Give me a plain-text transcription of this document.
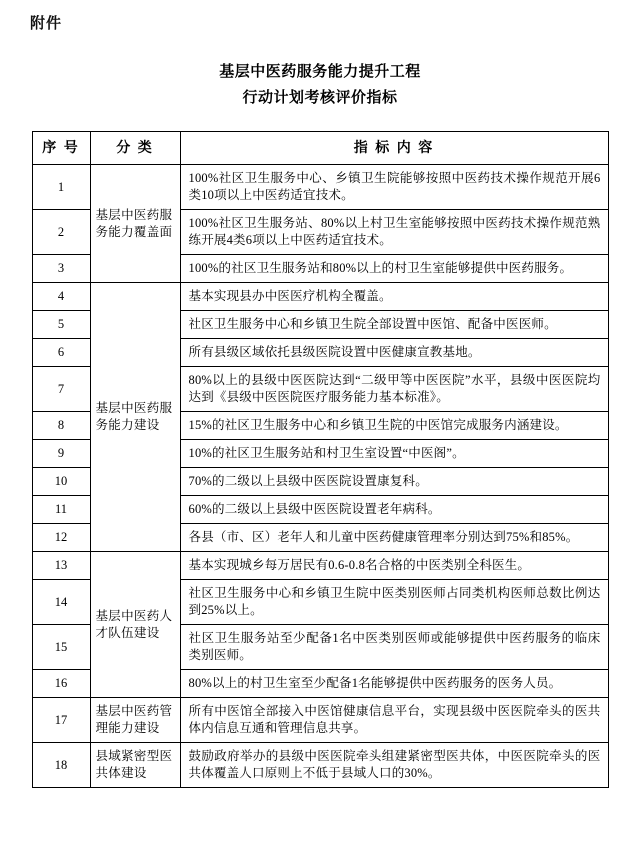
附件
基层中医药服务能力提升工程
行动计划考核评价指标
序 号	分 类	指 标 内 容
1	基层中医药服务能力覆盖面	100%社区卫生服务中心、乡镇卫生院能够按照中医药技术操作规范开展6类10项以上中医药适宜技术。
2		100%社区卫生服务站、80%以上村卫生室能够按照中医药技术操作规范熟练开展4类6项以上中医药适宜技术。
3		100%的社区卫生服务站和80%以上的村卫生室能够提供中医药服务。
4	基层中医药服务能力建设	基本实现县办中医医疗机构全覆盖。
5		社区卫生服务中心和乡镇卫生院全部设置中医馆、配备中医医师。
6		所有县级区域依托县级医院设置中医健康宣教基地。
7		80%以上的县级中医医院达到“二级甲等中医医院”水平，县级中医医院均达到《县级中医医院医疗服务能力基本标准》。
8		15%的社区卫生服务中心和乡镇卫生院的中医馆完成服务内涵建设。
9		10%的社区卫生服务站和村卫生室设置“中医阁”。
10		70%的二级以上县级中医医院设置康复科。
11		60%的二级以上县级中医医院设置老年病科。
12		各县（市、区）老年人和儿童中医药健康管理率分别达到75%和85%。
13	基层中医药人才队伍建设	基本实现城乡每万居民有0.6-0.8名合格的中医类别全科医生。
14		社区卫生服务中心和乡镇卫生院中医类别医师占同类机构医师总数比例达到25%以上。
15		社区卫生服务站至少配备1名中医类别医师或能够提供中医药服务的临床类别医师。
16		80%以上的村卫生室至少配备1名能够提供中医药服务的医务人员。
17	基层中医药管理能力建设	所有中医馆全部接入中医馆健康信息平台，实现县级中医医院牵头的医共体内信息互通和管理信息共享。
18	县域紧密型医共体建设	鼓励政府举办的县级中医医院牵头组建紧密型医共体，中医医院牵头的医共体覆盖人口原则上不低于县域人口的30%。
